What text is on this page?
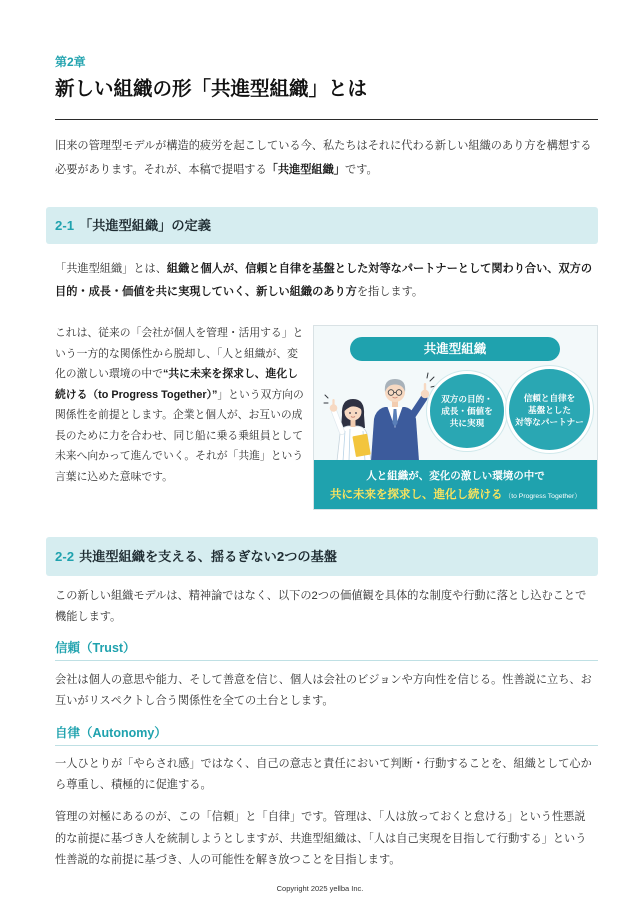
第2章
新しい組織の形「共進型組織」とは

旧来の管理型モデルが構造的疲労を起こしている今、私たちはそれに代わる新しい組織のあり方を構想する必要があります。それが、本稿で提唱する「共進型組織」です。

2-1 「共進型組織」の定義

「共進型組織」とは、組織と個人が、信頼と自律を基盤とした対等なパートナーとして関わり合い、双方の目的・成長・価値を共に実現していく、新しい組織のあり方を指します。

これは、従来の「会社が個人を管理・活用する」という一方的な関係性から脱却し、「人と組織が、変化の激しい環境の中で“共に未来を探求し、進化し続ける（to Progress Together）”」という双方向の関係性を前提とします。企業と個人が、お互いの成長のために力を合わせ、同じ船に乗る乗組員として未来へ向かって進んでいく。それが「共進」という言葉に込めた意味です。

共進型組織
双方の目的・
成長・価値を
共に実現
信頼と自律を
基盤とした
対等なパートナー
人と組織が、変化の激しい環境の中で
共に未来を探求し、進化し続ける （to Progress Together）
2-2 共進型組織を支える、揺るぎない2つの基盤

この新しい組織モデルは、精神論ではなく、以下の2つの価値観を具体的な制度や行動に落とし込むことで機能します。

信頼（Trust）

会社は個人の意思や能力、そして善意を信じ、個人は会社のビジョンや方向性を信じる。性善説に立ち、お互いがリスペクトし合う関係性を全ての土台とします。

自律（Autonomy）

一人ひとりが「やらされ感」ではなく、自己の意志と責任において判断・行動することを、組織として心から尊重し、積極的に促進する。

管理の対極にあるのが、この「信頼」と「自律」です。管理は、「人は放っておくと怠ける」という性悪説的な前提に基づき人を統制しようとしますが、共進型組織は、「人は自己実現を目指して行動する」という性善説的な前提に基づき、人の可能性を解き放つことを目指します。

Copyright 2025 yellba Inc.
